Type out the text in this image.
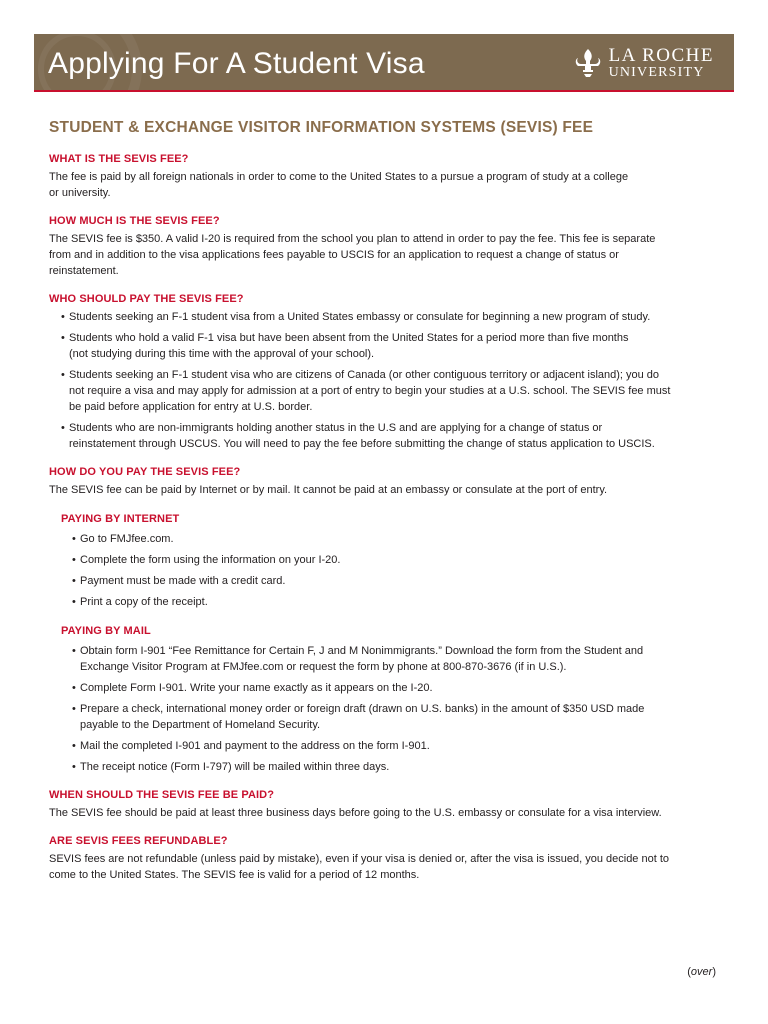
Applying For A Student Visa	LA ROCHE
UNIVERSITY
STUDENT & EXCHANGE VISITOR INFORMATION SYSTEMS (SEVIS) FEE
WHAT IS THE SEVIS FEE?
The fee is paid by all foreign nationals in order to come to the United States to a pursue a program of study at a college
or university.
HOW MUCH IS THE SEVIS FEE?
The SEVIS fee is $350. A valid I-20 is required from the school you plan to attend in order to pay the fee. This fee is separate
from and in addition to the visa applications fees payable to USCIS for an application to request a change of status or
reinstatement.
WHO SHOULD PAY THE SEVIS FEE?
• Students seeking an F-1 student visa from a United States embassy or consulate for beginning a new program of study.
• Students who hold a valid F-1 visa but have been absent from the United States for a period more than five months
(not studying during this time with the approval of your school).
• Students seeking an F-1 student visa who are citizens of Canada (or other contiguous territory or adjacent island); you do
not require a visa and may apply for admission at a port of entry to begin your studies at a U.S. school. The SEVIS fee must
be paid before application for entry at U.S. border.
• Students who are non-immigrants holding another status in the U.S and are applying for a change of status or
reinstatement through USCUS. You will need to pay the fee before submitting the change of status application to USCIS.
HOW DO YOU PAY THE SEVIS FEE?
The SEVIS fee can be paid by Internet or by mail. It cannot be paid at an embassy or consulate at the port of entry.
PAYING BY INTERNET
• Go to FMJfee.com.
• Complete the form using the information on your I-20.
• Payment must be made with a credit card.
• Print a copy of the receipt.
PAYING BY MAIL
• Obtain form I-901 “Fee Remittance for Certain F, J and M Nonimmigrants.” Download the form from the Student and
Exchange Visitor Program at FMJfee.com or request the form by phone at 800-870-3676 (if in U.S.).
• Complete Form I-901. Write your name exactly as it appears on the I-20.
• Prepare a check, international money order or foreign draft (drawn on U.S. banks) in the amount of $350 USD made
payable to the Department of Homeland Security.
• Mail the completed I-901 and payment to the address on the form I-901.
• The receipt notice (Form I-797) will be mailed within three days.
WHEN SHOULD THE SEVIS FEE BE PAID?
The SEVIS fee should be paid at least three business days before going to the U.S. embassy or consulate for a visa interview.
ARE SEVIS FEES REFUNDABLE?
SEVIS fees are not refundable (unless paid by mistake), even if your visa is denied or, after the visa is issued, you decide not to
come to the United States. The SEVIS fee is valid for a period of 12 months.
(over)
